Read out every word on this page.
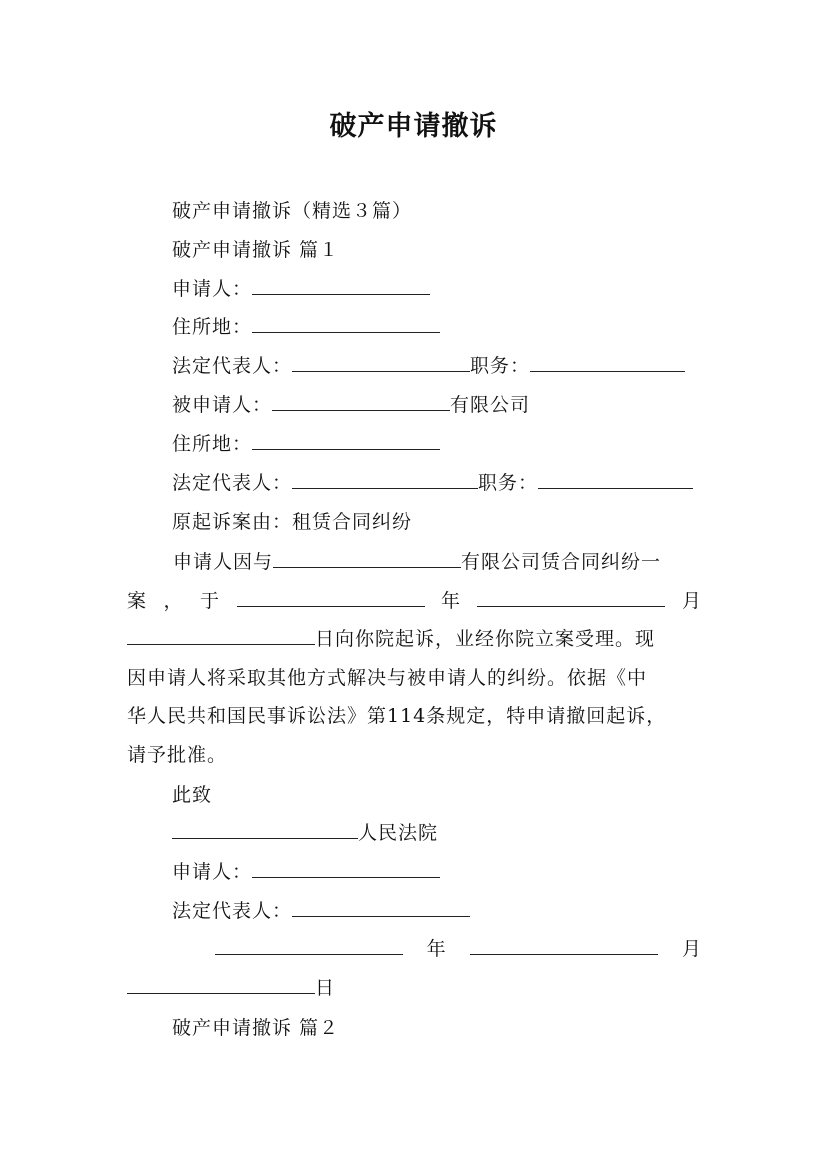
破产申请撤诉
破产申请撤诉（精选３篇）
破产申请撤诉 篇１
申请人：
住所地：
法定代表人：	职务：
被申请人：	有限公司
住所地：
法定代表人：	职务：
原起诉案由：租赁合同纠纷
申请人因与	有限公司赁合同纠纷一
案 ， 于	年	月
日向你院起诉，业经你院立案受理。现
因申请人将采取其他方式解决与被申请人的纠纷。依据《中
华人民共和国民事诉讼法》第114条规定，特申请撤回起诉，
请予批准。
此致
人民法院
申请人：
法定代表人：
年	月
日
破产申请撤诉 篇２
